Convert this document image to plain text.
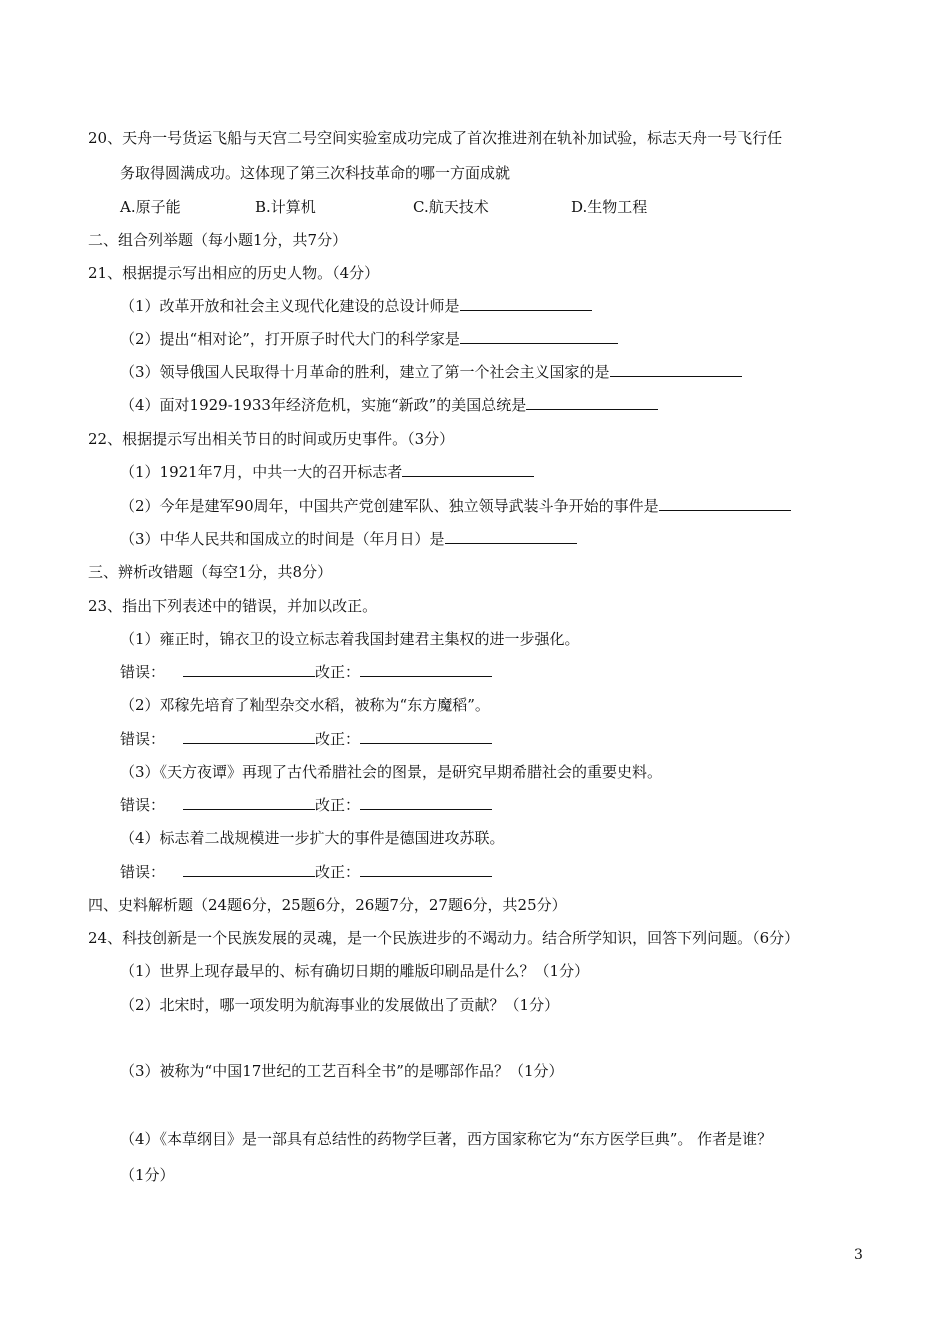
20、天舟一号货运飞船与天宫二号空间实验室成功完成了首次推进剂在轨补加试验，标志天舟一号飞行任
务取得圆满成功。这体现了第三次科技革命的哪一方面成就
A.原子能	B.计算机	C.航天技术	D.生物工程
二、组合列举题（每小题1分，共7分）
21、根据提示写出相应的历史人物。（4分）
（1）改革开放和社会主义现代化建设的总设计师是
（2）提出“相对论”，打开原子时代大门的科学家是
（3）领导俄国人民取得十月革命的胜利，建立了第一个社会主义国家的是
（4）面对1929-1933年经济危机，实施“新政”的美国总统是
22、根据提示写出相关节日的时间或历史事件。（3分）
（1）1921年7月，中共一大的召开标志者
（2）今年是建军90周年，中国共产党创建军队、独立领导武装斗争开始的事件是
（3）中华人民共和国成立的时间是（年月日）是
三、辨析改错题（每空1分，共8分）
23、指出下列表述中的错误，并加以改正。
（1）雍正时，锦衣卫的设立标志着我国封建君主集权的进一步强化。
错误：	改正：
（2）邓稼先培育了籼型杂交水稻，被称为“东方魔稻”。
错误：	改正：
（3）《天方夜谭》再现了古代希腊社会的图景，是研究早期希腊社会的重要史料。
错误：	改正：
（4）标志着二战规模进一步扩大的事件是德国进攻苏联。
错误：	改正：
四、史料解析题（24题6分，25题6分，26题7分，27题6分，共25分）
24、科技创新是一个民族发展的灵魂，是一个民族进步的不竭动力。结合所学知识，回答下列问题。（6分）
（1）世界上现存最早的、标有确切日期的雕版印刷品是什么？（1分）
（2）北宋时，哪一项发明为航海事业的发展做出了贡献？（1分）
（3）被称为“中国17世纪的工艺百科全书”的是哪部作品？（1分）
（4）《本草纲目》是一部具有总结性的药物学巨著，西方国家称它为“东方医学巨典”。 作者是谁？
（1分）
3
